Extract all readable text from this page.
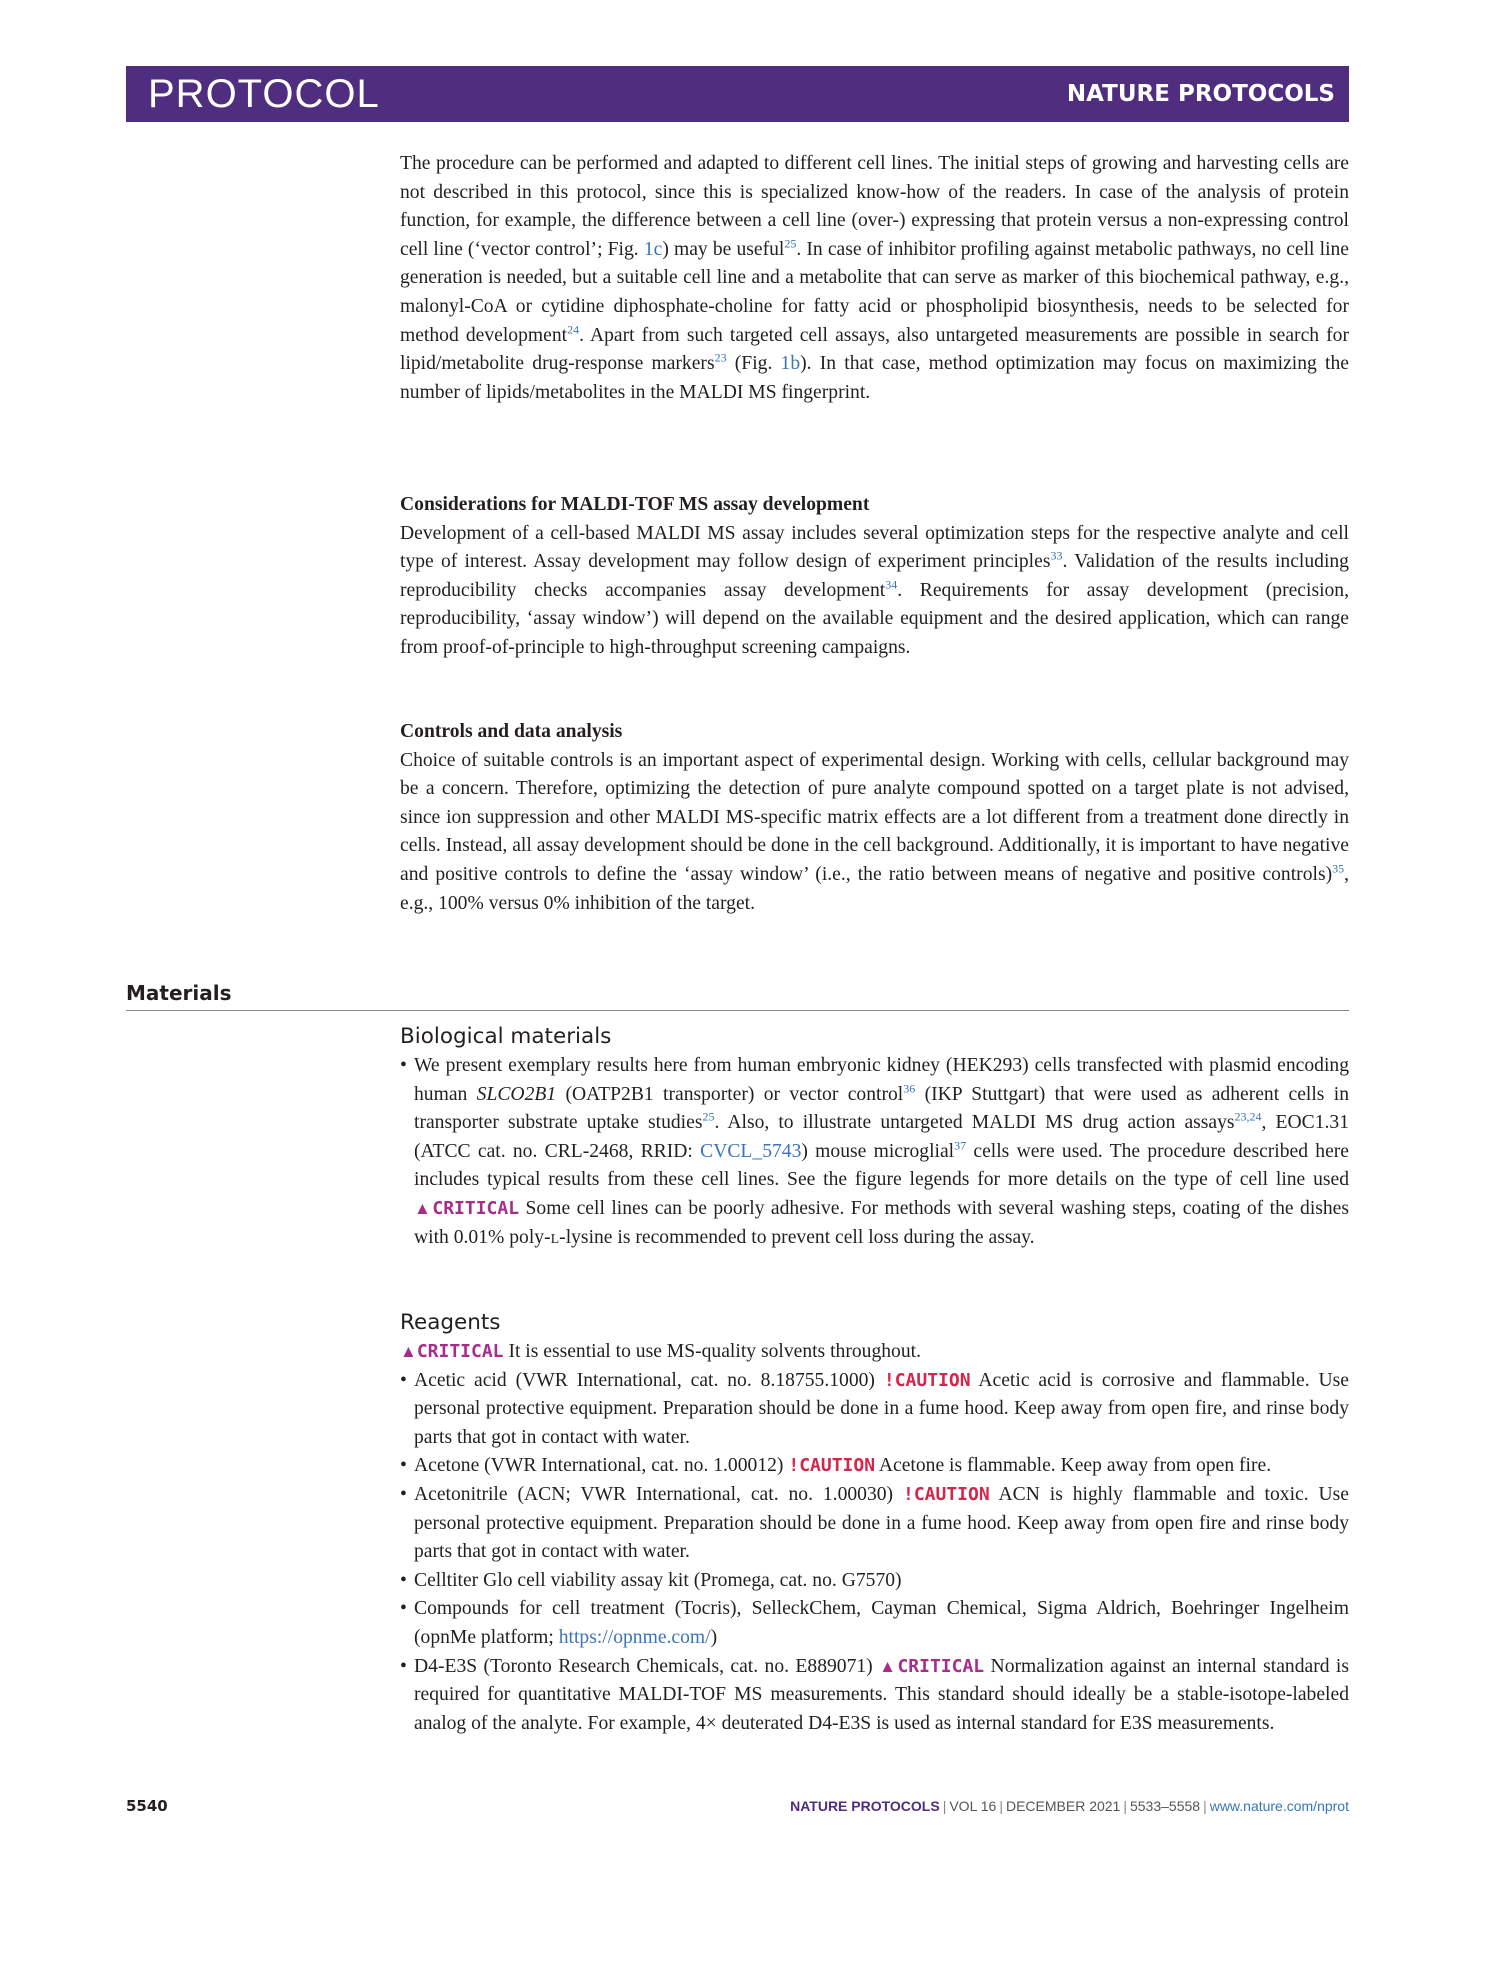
PROTOCOL	NATURE PROTOCOLS

The procedure can be performed and adapted to different cell lines. The initial steps of growing and harvesting cells are not described in this protocol, since this is specialized know-how of the readers. In case of the analysis of protein function, for example, the difference between a cell line (over-) expressing that protein versus a non-expressing control cell line (‘vector control’; Fig. 1c) may be useful$^{25}$. In case of inhibitor profiling against metabolic pathways, no cell line generation is needed, but a suitable cell line and a metabolite that can serve as marker of this biochemical pathway, e.g., malonyl-CoA or cytidine diphosphate-choline for fatty acid or phospholipid biosynthesis, needs to be selected for method development$^{24}$. Apart from such targeted cell assays, also untargeted measurements are possible in search for lipid/metabolite drug-response markers$^{23}$ (Fig. 1b). In that case, method optimization may focus on maximizing the number of lipids/metabolites in the MALDI MS fingerprint.

Considerations for MALDI-TOF MS assay development

Development of a cell-based MALDI MS assay includes several optimization steps for the respective analyte and cell type of interest. Assay development may follow design of experiment principles$^{33}$. Validation of the results including reproducibility checks accompanies assay development$^{34}$. Requirements for assay development (precision, reproducibility, ‘assay window’) will depend on the available equipment and the desired application, which can range from proof-of-principle to high-throughput screening campaigns.

Controls and data analysis

Choice of suitable controls is an important aspect of experimental design. Working with cells, cellular background may be a concern. Therefore, optimizing the detection of pure analyte compound spotted on a target plate is not advised, since ion suppression and other MALDI MS-specific matrix effects are a lot different from a treatment done directly in cells. Instead, all assay development should be done in the cell background. Additionally, it is important to have negative and positive controls to define the ‘assay window’ (i.e., the ratio between means of negative and positive controls)$^{35}$, e.g., 100% versus 0% inhibition of the target.

Materials

Biological materials

• We present exemplary results here from human embryonic kidney (HEK293) cells transfected with plasmid encoding human SLCO2B1 (OATP2B1 transporter) or vector control$^{36}$ (IKP Stuttgart) that were used as adherent cells in transporter substrate uptake studies$^{25}$. Also, to illustrate untargeted MALDI MS drug action assays$^{23,24}$, EOC1.31 (ATCC cat. no. CRL-2468, RRID: CVCL_5743) mouse microglial$^{37}$ cells were used. The procedure described here includes typical results from these cell lines. See the figure legends for more details on the type of cell line used ▲CRITICAL Some cell lines can be poorly adhesive. For methods with several washing steps, coating of the dishes with 0.01% poly-l-lysine is recommended to prevent cell loss during the assay.

Reagents

▲CRITICAL It is essential to use MS-quality solvents throughout.

• Acetic acid (VWR International, cat. no. 8.18755.1000) !CAUTION Acetic acid is corrosive and flammable. Use personal protective equipment. Preparation should be done in a fume hood. Keep away from open fire, and rinse body parts that got in contact with water.
• Acetone (VWR International, cat. no. 1.00012) !CAUTION Acetone is flammable. Keep away from open fire.
• Acetonitrile (ACN; VWR International, cat. no. 1.00030) !CAUTION ACN is highly flammable and toxic. Use personal protective equipment. Preparation should be done in a fume hood. Keep away from open fire and rinse body parts that got in contact with water.
• Celltiter Glo cell viability assay kit (Promega, cat. no. G7570)
• Compounds for cell treatment (Tocris), SelleckChem, Cayman Chemical, Sigma Aldrich, Boehringer Ingelheim (opnMe platform; https://opnme.com/)
• D4-E3S (Toronto Research Chemicals, cat. no. E889071) ▲CRITICAL Normalization against an internal standard is required for quantitative MALDI-TOF MS measurements. This standard should ideally be a stable-isotope-labeled analog of the analyte. For example, 4× deuterated D4-E3S is used as internal standard for E3S measurements.
5540	NATURE PROTOCOLS | VOL 16 | DECEMBER 2021 | 5533–5558 | www.nature.com/nprot
